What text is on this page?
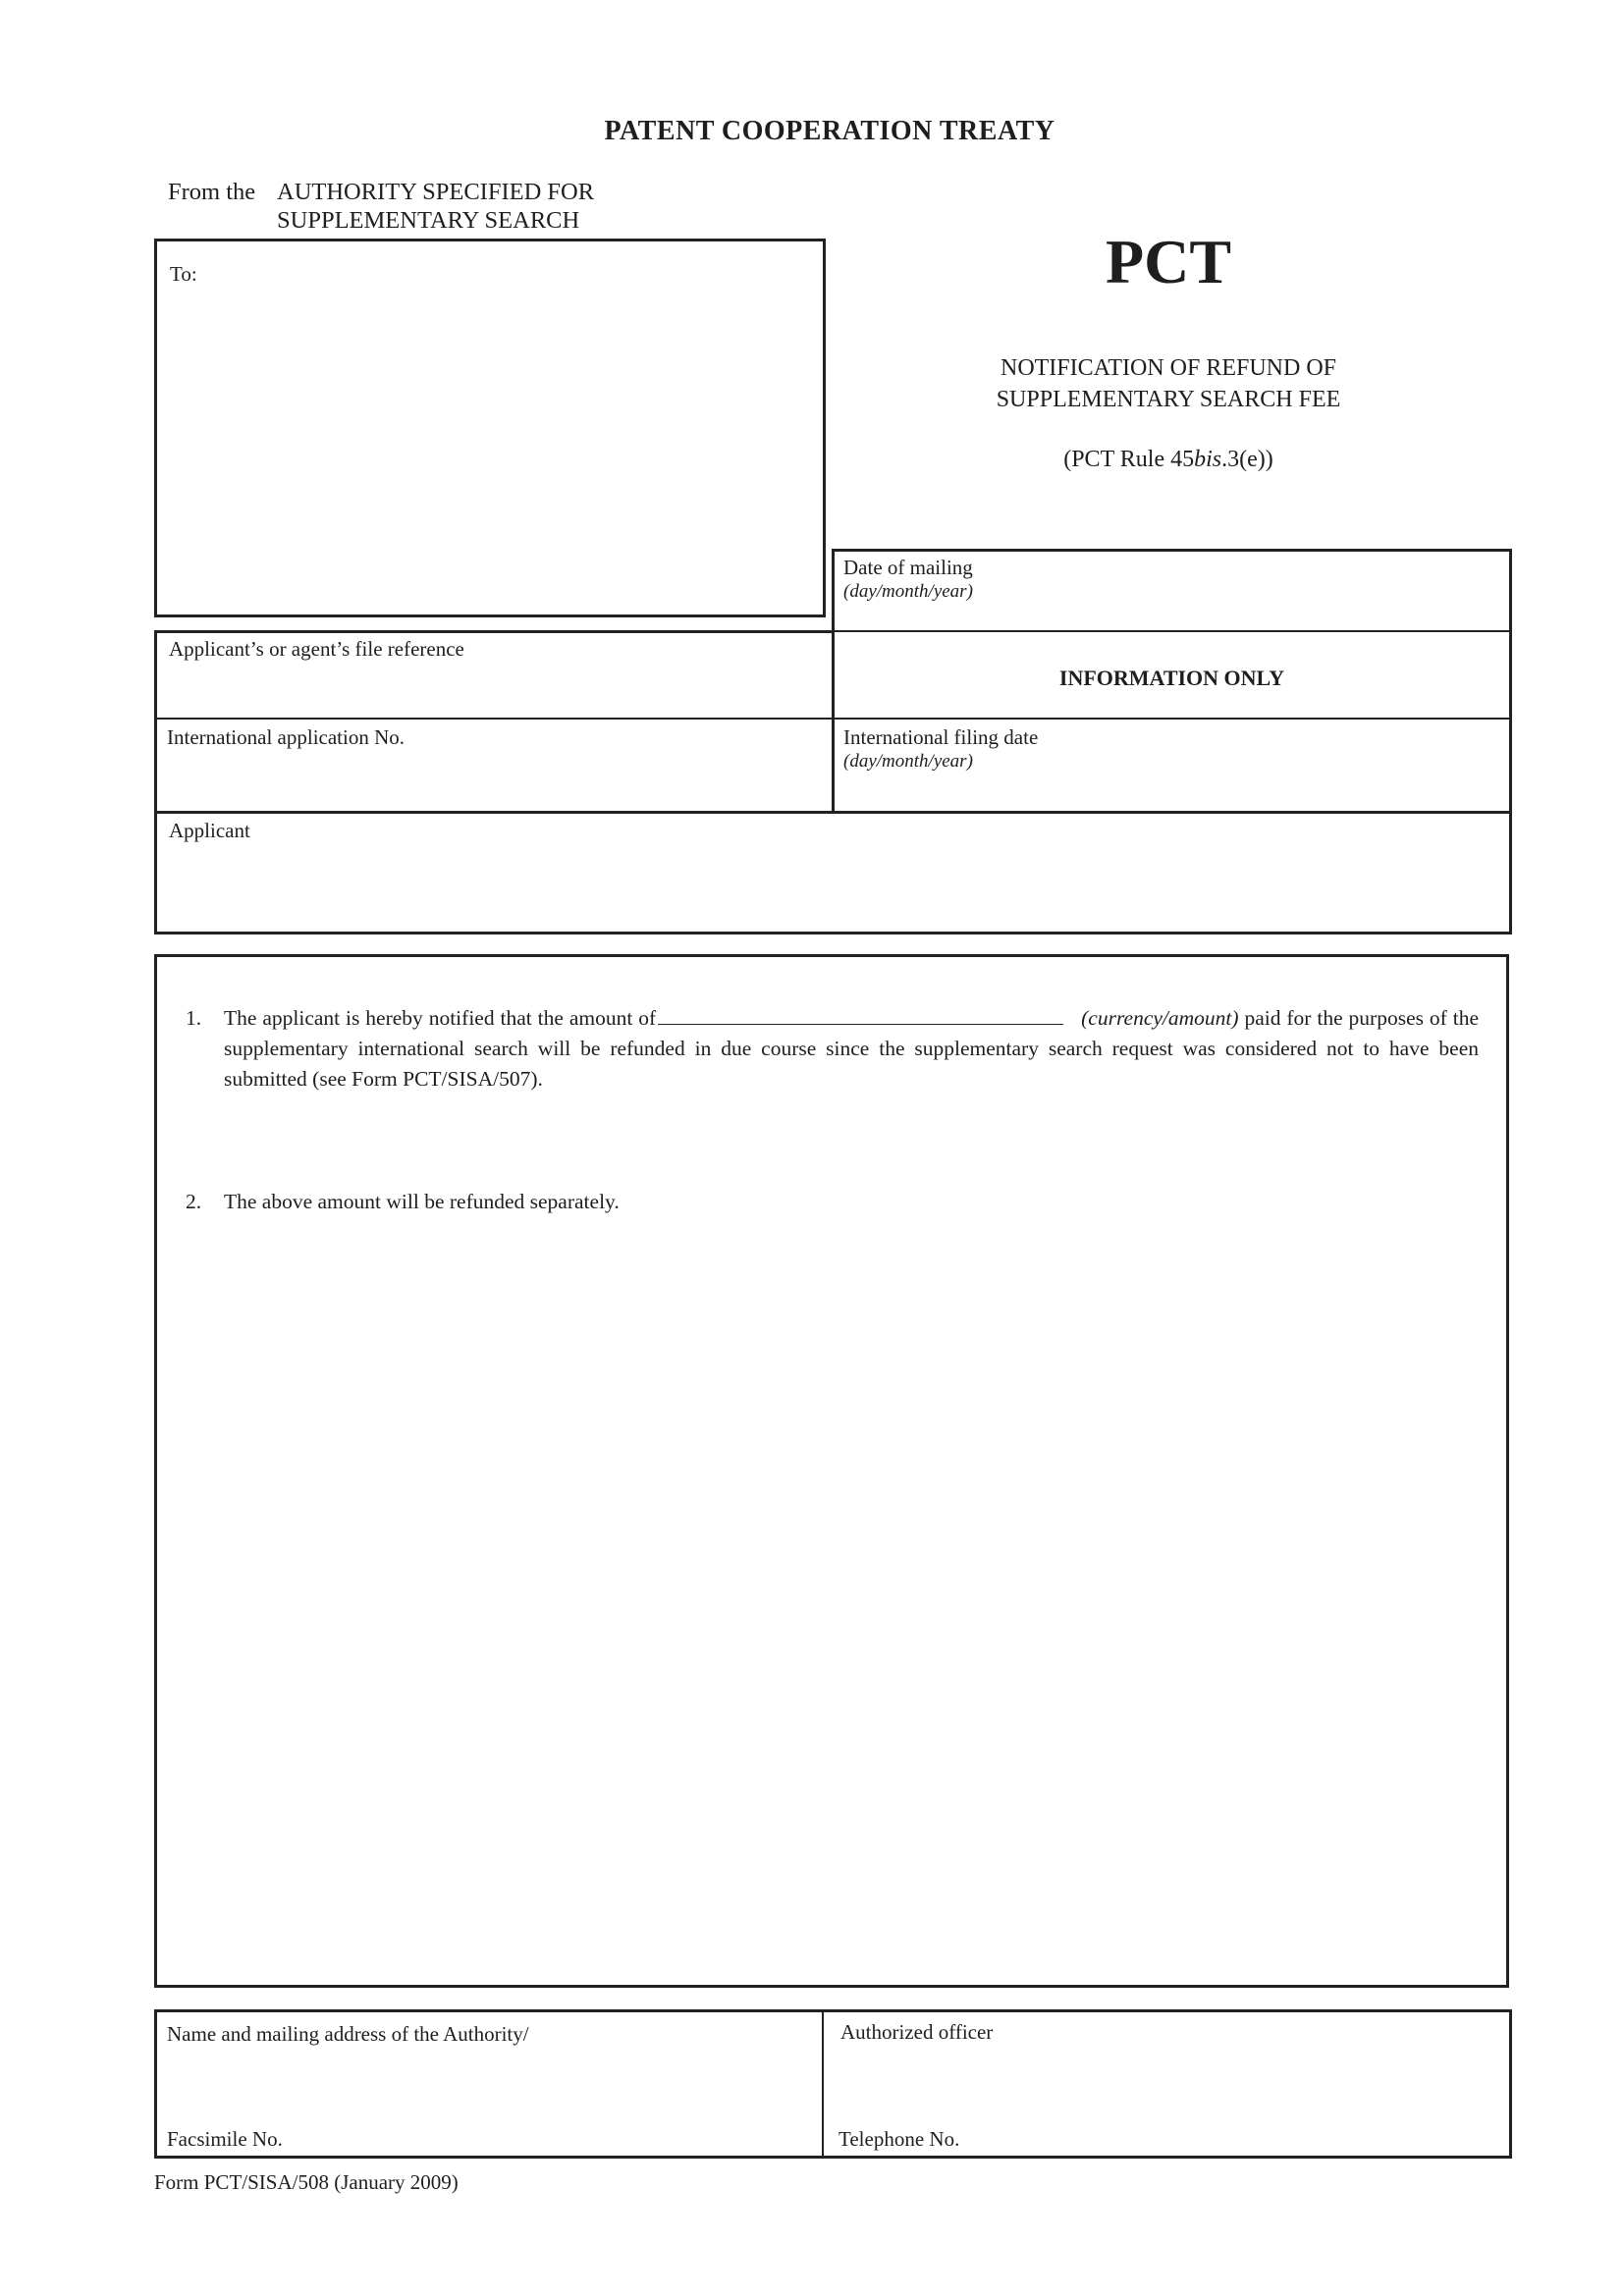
PATENT COOPERATION TREATY
From the AUTHORITY SPECIFIED FOR
SUPPLEMENTARY SEARCH
To:	PCT
NOTIFICATION OF REFUND OF
SUPPLEMENTARY SEARCH FEE
(PCT Rule 45bis.3(e))
Date of mailing
(day/month/year)
INFORMATION ONLY
Applicant’s or agent’s file reference
International application No.	International filing date
(day/month/year)
Applicant
1. The applicant is hereby notified that the amount of	(currency/amount) paid for the purposes of the supplementary international search will be refunded in due course since the supplementary search request was considered not to have been submitted (see Form PCT/SISA/507).
2. The above amount will be refunded separately.
Name and mailing address of the Authority/
Facsimile No.
Authorized officer
Telephone No.
Form PCT/SISA/508 (January 2009)
